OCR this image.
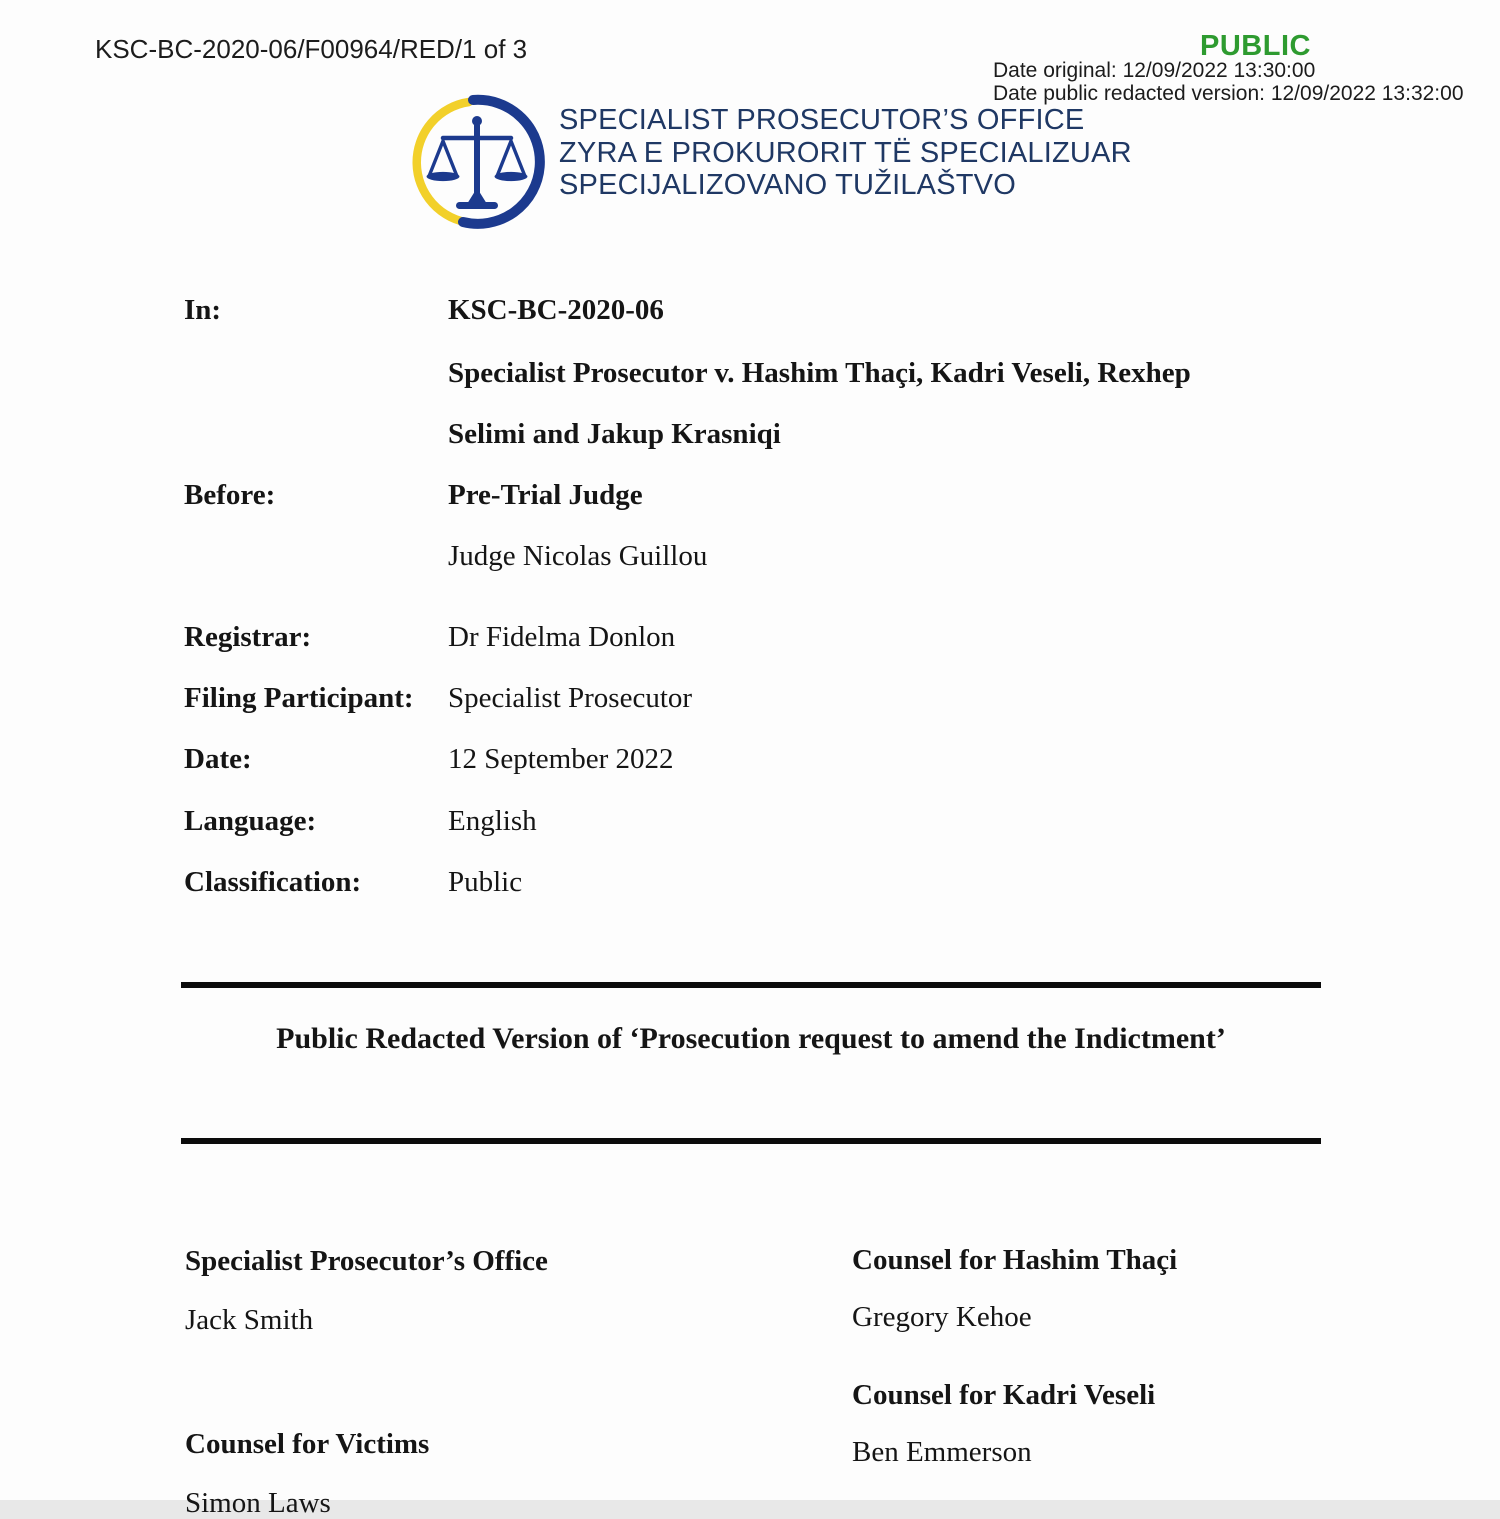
KSC-BC-2020-06/F00964/RED/1 of 3	PUBLIC
Date original: 12/09/2022 13:30:00
Date public redacted version: 12/09/2022 13:32:00
SPECIALIST PROSECUTOR’S OFFICE
ZYRA E PROKURORIT TË SPECIALIZUAR
SPECIJALIZOVANO TUŽILAŠTVO
In:	KSC-BC-2020-06
Specialist Prosecutor v. Hashim Thaçi, Kadri Veseli, Rexhep
Selimi and Jakup Krasniqi
Before:	Pre-Trial Judge
Judge Nicolas Guillou
Registrar:	Dr Fidelma Donlon
Filing Participant: Specialist Prosecutor
Date:	12 September 2022
Language:	English
Classification:	Public
Public Redacted Version of ‘Prosecution request to amend the Indictment’
Specialist Prosecutor’s Office
Jack Smith
Counsel for Victims
Simon Laws
Counsel for Hashim Thaçi
Gregory Kehoe
Counsel for Kadri Veseli
Ben Emmerson
